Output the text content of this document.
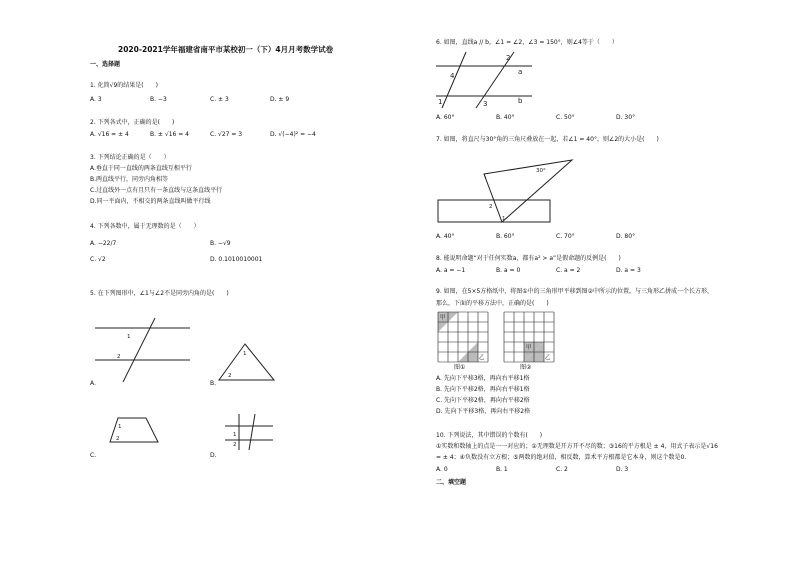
2020-2021学年福建省南平市某校初一（下）4月月考数学试卷
一、选择题
1. 化简√9的结果是(　　)
A. 3	B. −3	C. ± 3	D. ± 9
2. 下列各式中，正确的是(　　)
A. √16 = ± 4	B. ± √16 = 4	C. √27 = 3	D. √(−4)² = −4
3. 下列结论正确的是（　　）
A.垂直于同一直线的两条直线互相平行
B.两直线平行，同旁内角相等
C.过直线外一点有且只有一条直线与这条直线平行
D.同一平面内，不相交的两条直线叫做平行线
4. 下列各数中，属于无理数的是（　　）
A. −22/7	B. −√9
C. √2	D. 0.1010010001
5. 在下列图形中，∠1与∠2不是同旁内角的是(　　)
1
2
A.
1
2
B.
1
2
C.
1
2
D.
6. 如图，直线a // b，∠1 = ∠2，∠3 = 150°，则∠4等于（　　）
4
1	3
2
a
b
A. 60°	B. 40°	C. 50°	D. 30°
7. 如图，将直尺与30°角的三角尺叠放在一起，若∠1 = 40°，则∠2的大小是(　　)
30°
2
1
A. 40°	B. 60°	C. 70°	D. 80°
8. 能说明命题“对于任何实数a，都有a² > a”是假命题的反例是(　　)
A. a = −1	B. a = 0	C. a = 2	D. a = 3
9. 如图，在5×5方格纸中，将图①中的三角形甲平移到图②中所示的位置，与三角形乙拼成一个长方形，
那么，下面的平移方法中，正确的是(　　)
甲
乙
图①
甲
乙
图②
A. 先向下平移3格，再向右平移1格
B. 先向下平移2格，再向右平移1格
C. 先向下平移2格，再向右平移2格
D. 先向下平移3格，再向右平移2格
10. 下列说法，其中错误的个数有(　　)
①实数和数轴上的点是一一对应的；②无理数是开方开不尽的数；③16的平方根是 ± 4，用式子表示是√16
= ± 4；④负数没有立方根；⑤两数的绝对值，相反数，算术平方根都是它本身，则这个数是0.
A. 0	B. 1	C. 2	D. 3
二、填空题
